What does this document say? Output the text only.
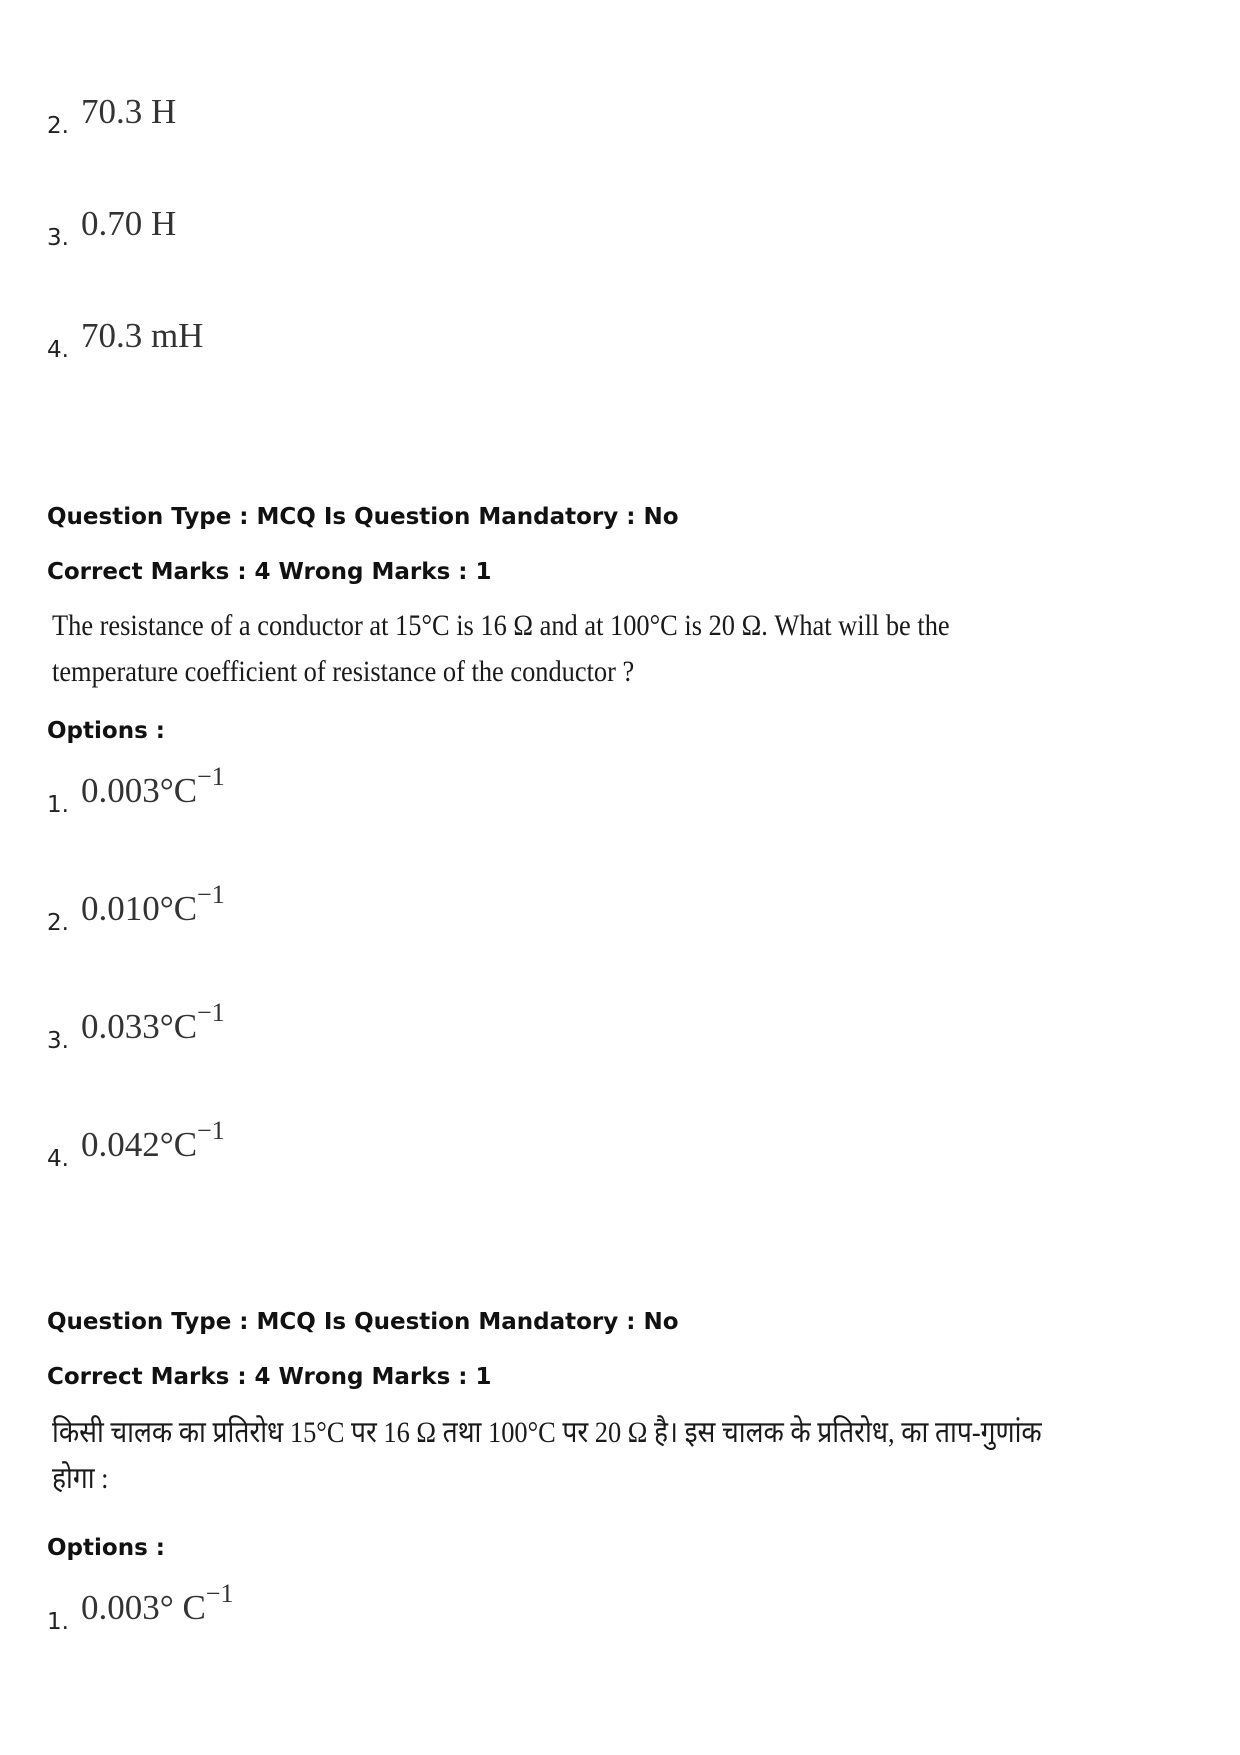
2. 70.3 H
3. 0.70 H
4. 70.3 mH
Question Type : MCQ Is Question Mandatory : No
Correct Marks : 4 Wrong Marks : 1
The resistance of a conductor at 15°C is 16 Ω and at 100°C is 20 Ω. What will be the
temperature coefficient of resistance of the conductor ?
Options :
1. $0.003^\circ C^{-1}$
2. $0.010^\circ C^{-1}$
3. $0.033^\circ C^{-1}$
4. $0.042^\circ C^{-1}$
Question Type : MCQ Is Question Mandatory : No
Correct Marks : 4 Wrong Marks : 1
किसी चालक का प्रतिरोध 15°C पर 16 Ω तथा 100°C पर 20 Ω है। इस चालक के प्रतिरोध, का ताप-गुणांक
होगा :
Options :
1. 0.003° $C^{-1}$
